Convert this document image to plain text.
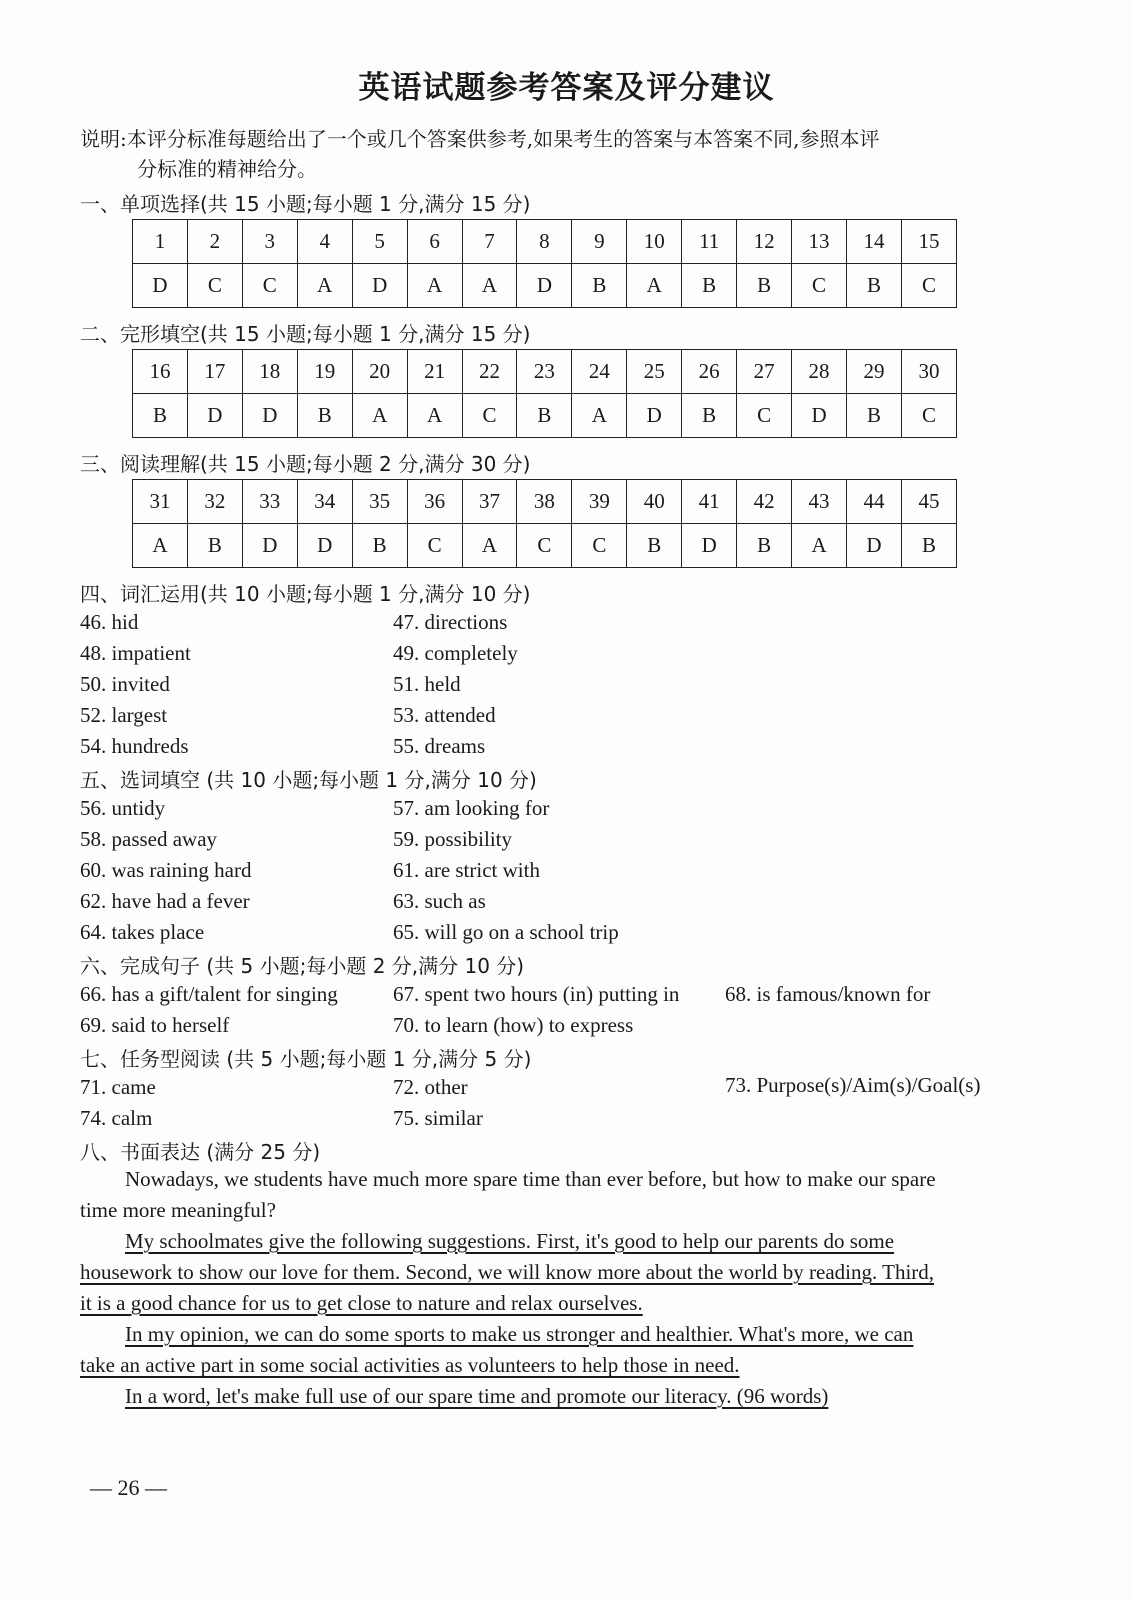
英语试题参考答案及评分建议
说明:本评分标准每题给出了一个或几个答案供参考,如果考生的答案与本答案不同,参照本评
分标准的精神给分。
一、单项选择(共 15 小题;每小题 1 分,满分 15 分)
1	2	3	4	5	6	7	8	9	10	11	12	13	14	15
D	C	C	A	D	A	A	D	B	A	B	B	C	B	C
二、完形填空(共 15 小题;每小题 1 分,满分 15 分)
16	17	18	19	20	21	22	23	24	25	26	27	28	29	30
B	D	D	B	A	A	C	B	A	D	B	C	D	B	C
三、阅读理解(共 15 小题;每小题 2 分,满分 30 分)
31	32	33	34	35	36	37	38	39	40	41	42	43	44	45
A	B	D	D	B	C	A	C	C	B	D	B	A	D	B
四、词汇运用(共 10 小题;每小题 1 分,满分 10 分)
46. hid	47. directions
48. impatient	49. completely
50. invited	51. held
52. largest	53. attended
54. hundreds	55. dreams
五、选词填空 (共 10 小题;每小题 1 分,满分 10 分)
56. untidy	57. am looking for
58. passed away	59. possibility
60. was raining hard	61. are strict with
62. have had a fever	63. such as
64. takes place	65. will go on a school trip
六、完成句子 (共 5 小题;每小题 2 分,满分 10 分)
66. has a gift/talent for singing	67. spent two hours (in) putting in 68. is famous/known for
69. said to herself	70. to learn (how) to express
七、任务型阅读 (共 5 小题;每小题 1 分,满分 5 分)
71. came	72. other	73. Purpose(s)/Aim(s)/Goal(s)
74. calm	75. similar
八、书面表达 (满分 25 分)
Nowadays, we students have much more spare time than ever before, but how to make our spare
time more meaningful?
My schoolmates give the following suggestions. First, it's good to help our parents do some
housework to show our love for them. Second, we will know more about the world by reading. Third,
it is a good chance for us to get close to nature and relax ourselves.
In my opinion, we can do some sports to make us stronger and healthier. What's more, we can
take an active part in some social activities as volunteers to help those in need.
In a word, let's make full use of our spare time and promote our literacy. (96 words)
— 26 —
